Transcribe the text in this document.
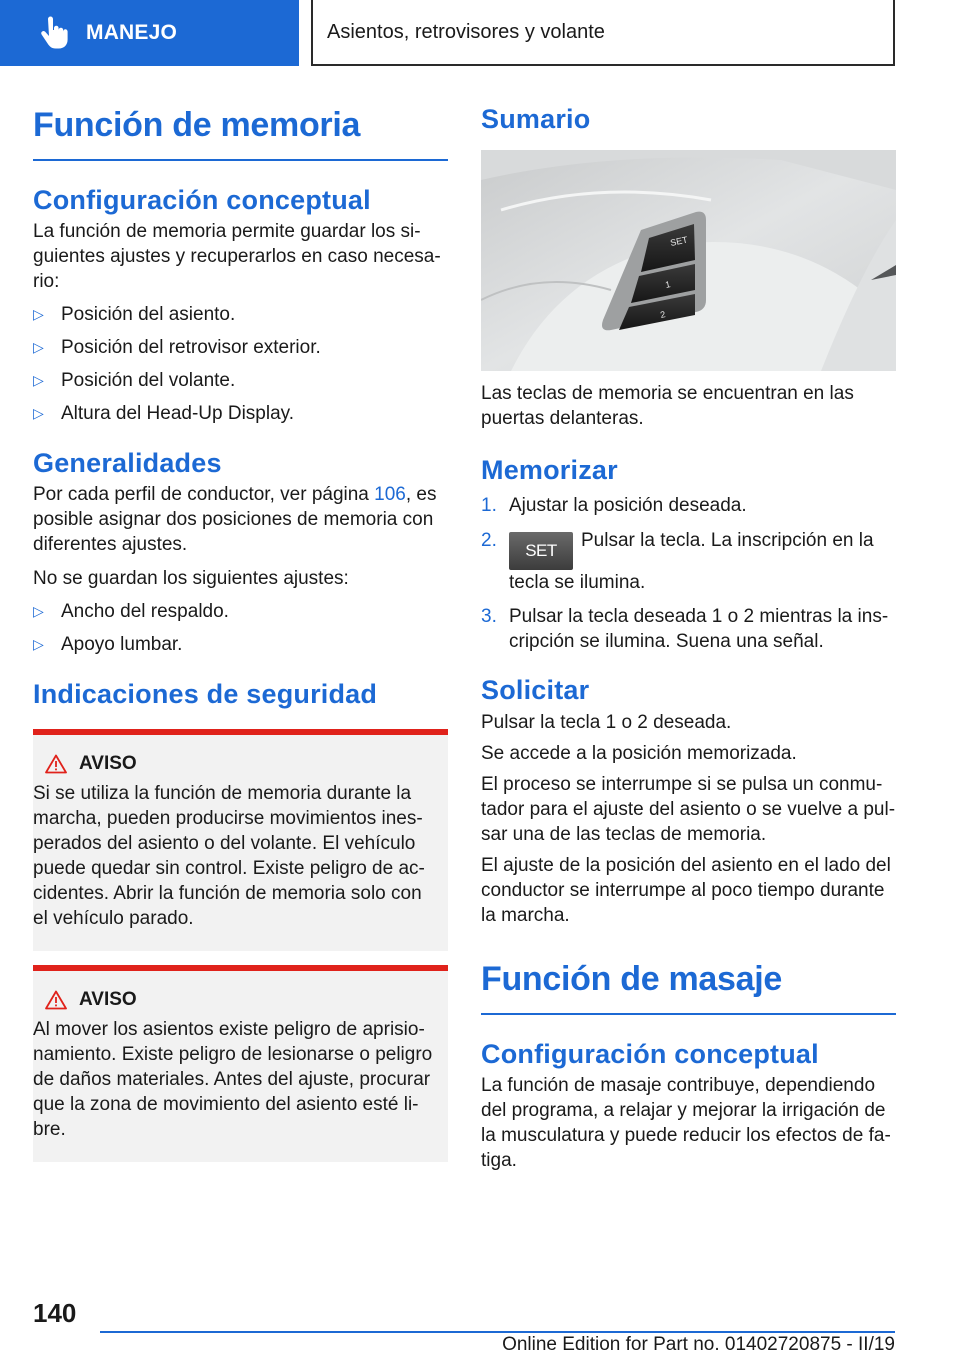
MANEJO	Asientos, retrovisores y volante
Función de memoria
Configuración conceptual
La función de memoria permite guardar los si-guientes ajustes y recuperarlos en caso necesa-rio:
▷ Posición del asiento.
▷ Posición del retrovisor exterior.
▷ Posición del volante.
▷ Altura del Head-Up Display.
Generalidades
Por cada perfil de conductor, ver página 106, es posible asignar dos posiciones de memoria con diferentes ajustes.
No se guardan los siguientes ajustes:
▷ Ancho del respaldo.
▷ Apoyo lumbar.
Indicaciones de seguridad
AVISO
Si se utiliza la función de memoria durante la marcha, pueden producirse movimientos ines-perados del asiento o del volante. El vehículo puede quedar sin control. Existe peligro de ac-cidentes. Abrir la función de memoria solo con el vehículo parado.
AVISO
Al mover los asientos existe peligro de aprisio-namiento. Existe peligro de lesionarse o peligro de daños materiales. Antes del ajuste, procurar que la zona de movimiento del asiento esté li-bre.
Sumario
SET
1
2
Las teclas de memoria se encuentran en las puertas delanteras.
Memorizar
1. Ajustar la posición deseada.
2.	SET Pulsar la tecla. La inscripción en la tecla se ilumina.
3. Pulsar la tecla deseada 1 o 2 mientras la ins-cripción se ilumina. Suena una señal.
Solicitar
Pulsar la tecla 1 o 2 deseada.
Se accede a la posición memorizada.
El proceso se interrumpe si se pulsa un conmu-tador para el ajuste del asiento o se vuelve a pul-sar una de las teclas de memoria.
El ajuste de la posición del asiento en el lado del conductor se interrumpe al poco tiempo durante la marcha.
Función de masaje
Configuración conceptual
La función de masaje contribuye, dependiendo del programa, a relajar y mejorar la irrigación de la musculatura y puede reducir los efectos de fa-tiga.
140
Online Edition for Part no. 01402720875 - II/19
